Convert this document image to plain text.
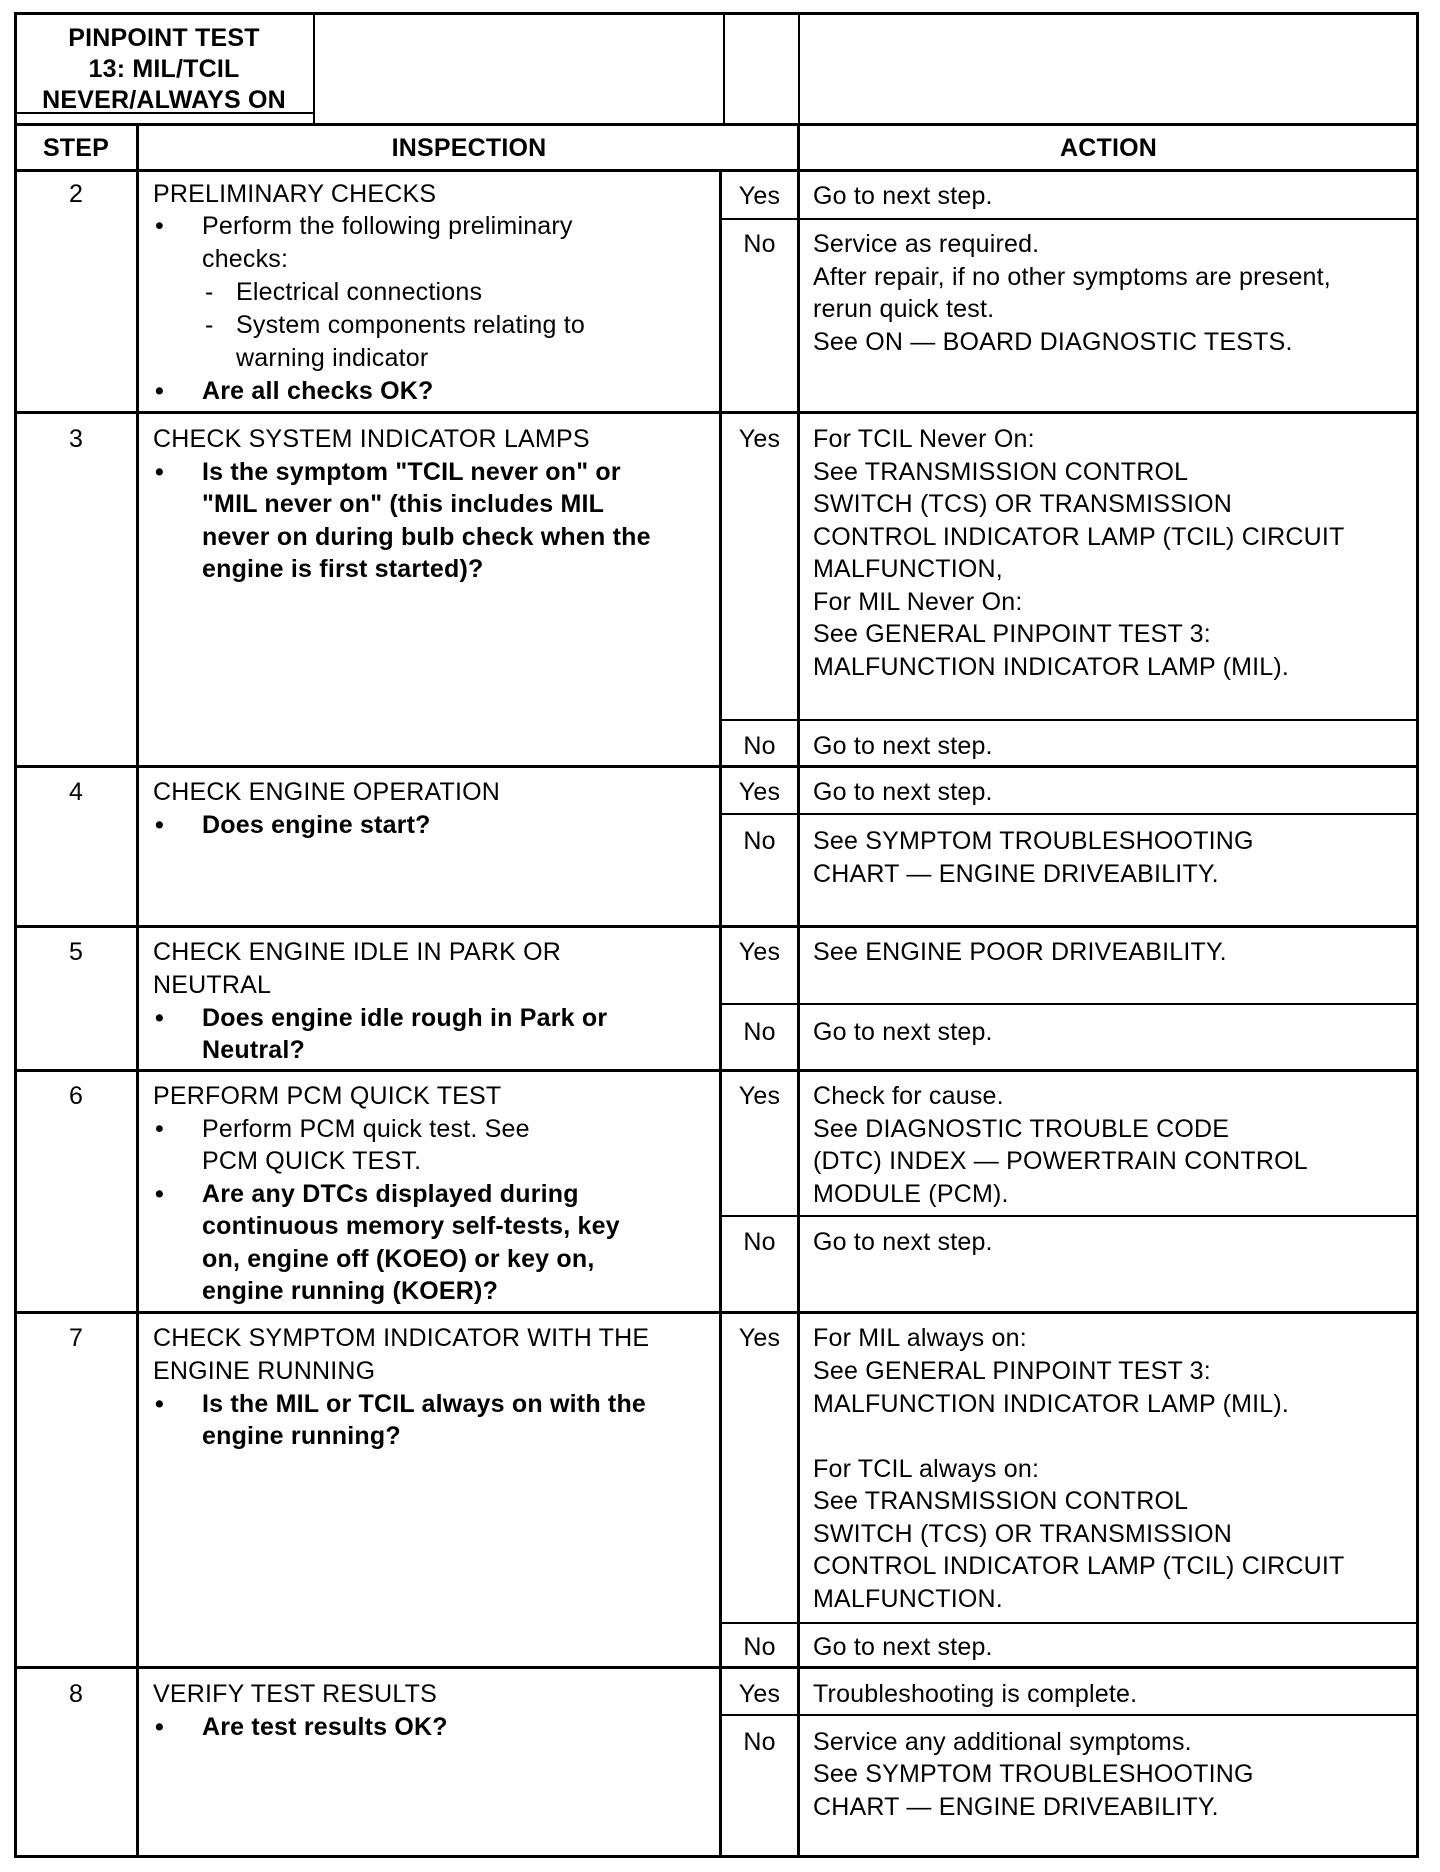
PINPOINT TEST
13: MIL/TCIL
NEVER/ALWAYS ON
STEP	INSPECTION	ACTION
2	PRELIMINARY CHECKS
• Perform the following preliminary
checks:
- Electrical connections
- System components relating to
warning indicator
• Are all checks OK?
Yes	Go to next step.
No	Service as required.
After repair, if no other symptoms are present,
rerun quick test.
See ON — BOARD DIAGNOSTIC TESTS.
3	CHECK SYSTEM INDICATOR LAMPS
• Is the symptom "TCIL never on" or
"MIL never on" (this includes MIL
never on during bulb check when the
engine is first started)?
Yes	For TCIL Never On:
See TRANSMISSION CONTROL
SWITCH (TCS) OR TRANSMISSION
CONTROL INDICATOR LAMP (TCIL) CIRCUIT
MALFUNCTION,
For MIL Never On:
See GENERAL PINPOINT TEST 3:
MALFUNCTION INDICATOR LAMP (MIL).
No	Go to next step.
4	CHECK ENGINE OPERATION
• Does engine start?
Yes	Go to next step.
No	See SYMPTOM TROUBLESHOOTING
CHART — ENGINE DRIVEABILITY.
5	CHECK ENGINE IDLE IN PARK OR
NEUTRAL
• Does engine idle rough in Park or
Neutral?
Yes	See ENGINE POOR DRIVEABILITY.
No	Go to next step.
6	PERFORM PCM QUICK TEST
• Perform PCM quick test. See
PCM QUICK TEST.
• Are any DTCs displayed during
continuous memory self-tests, key
on, engine off (KOEO) or key on,
engine running (KOER)?
Yes	Check for cause.
See DIAGNOSTIC TROUBLE CODE
(DTC) INDEX — POWERTRAIN CONTROL
MODULE (PCM).
No	Go to next step.
7	CHECK SYMPTOM INDICATOR WITH THE
ENGINE RUNNING
• Is the MIL or TCIL always on with the
engine running?
Yes	For MIL always on:
See GENERAL PINPOINT TEST 3:
MALFUNCTION INDICATOR LAMP (MIL).
For TCIL always on:
See TRANSMISSION CONTROL
SWITCH (TCS) OR TRANSMISSION
CONTROL INDICATOR LAMP (TCIL) CIRCUIT
MALFUNCTION.
No	Go to next step.
8	VERIFY TEST RESULTS
• Are test results OK?
Yes	Troubleshooting is complete.
No	Service any additional symptoms.
See SYMPTOM TROUBLESHOOTING
CHART — ENGINE DRIVEABILITY.
